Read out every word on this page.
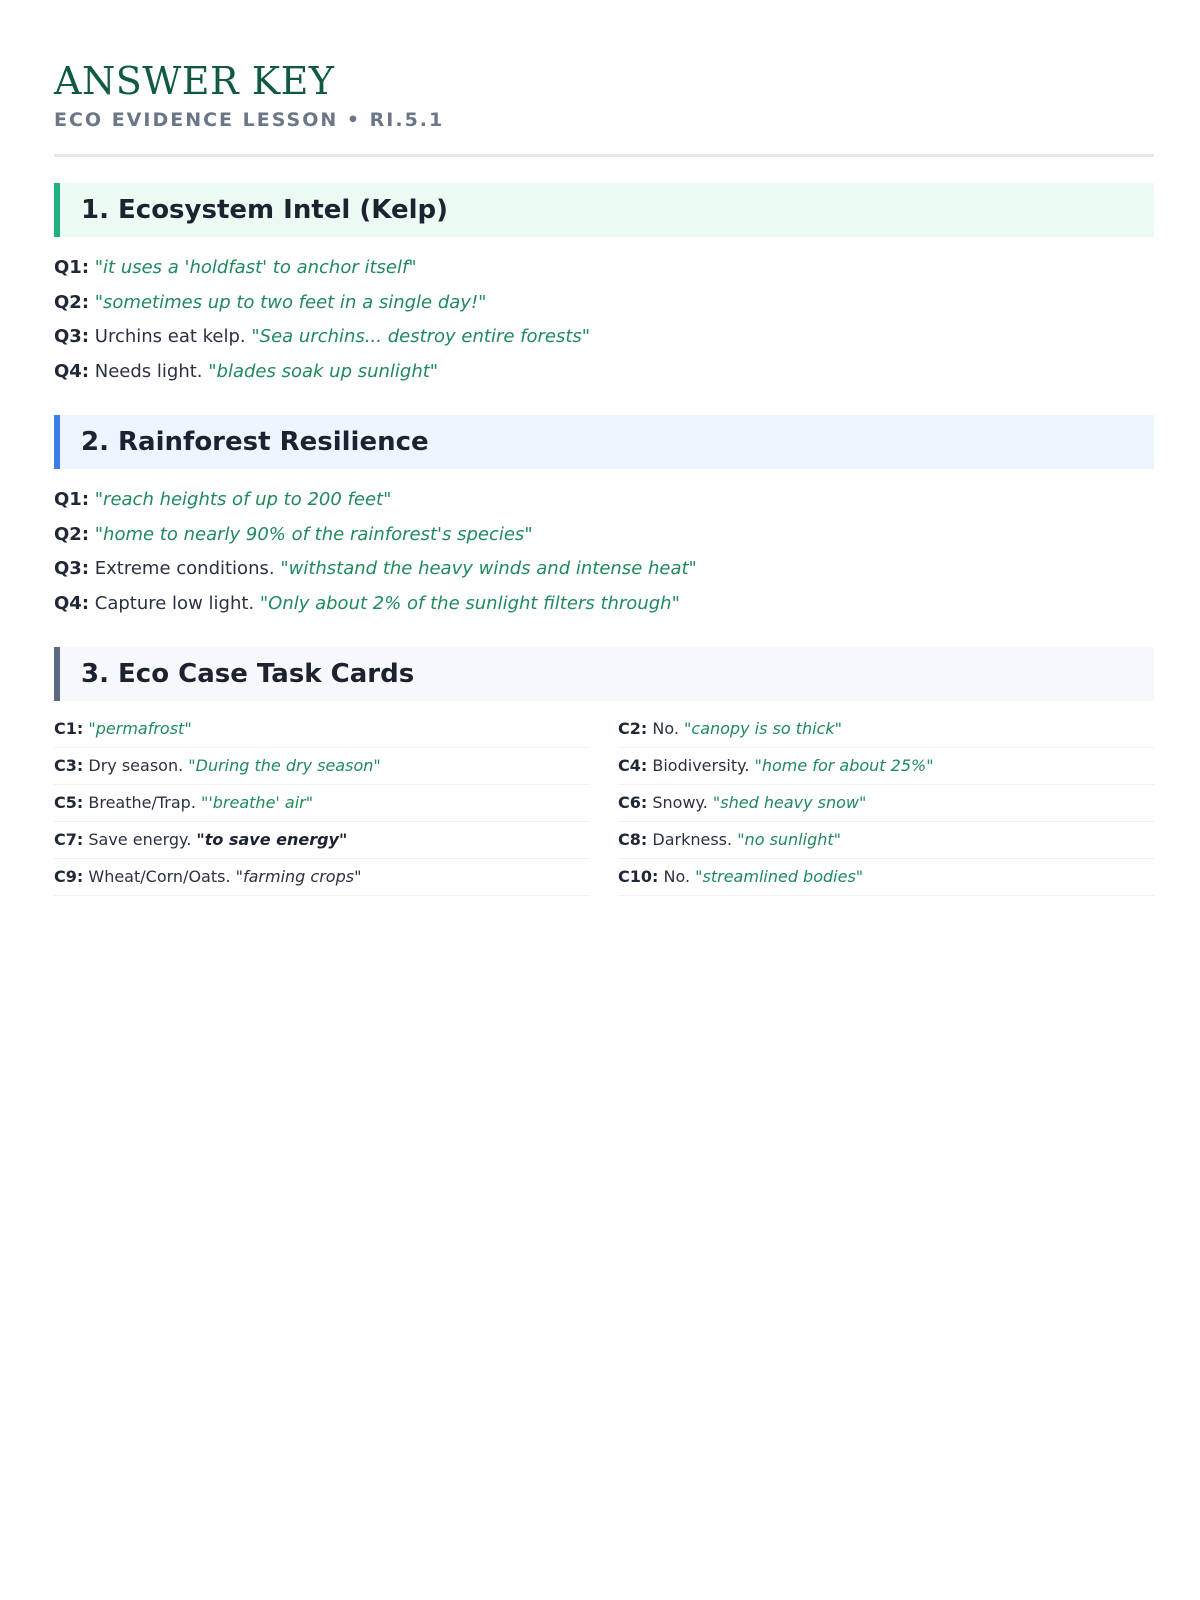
ANSWER KEY
ECO EVIDENCE LESSON • RI.5.1
1. Ecosystem Intel (Kelp)
Q1: "it uses a 'holdfast' to anchor itself"
Q2: "sometimes up to two feet in a single day!"
Q3: Urchins eat kelp. "Sea urchins... destroy entire forests"
Q4: Needs light. "blades soak up sunlight"
2. Rainforest Resilience
Q1: "reach heights of up to 200 feet"
Q2: "home to nearly 90% of the rainforest's species"
Q3: Extreme conditions. "withstand the heavy winds and intense heat"
Q4: Capture low light. "Only about 2% of the sunlight filters through"
3. Eco Case Task Cards
C1: "permafrost"	C2: No. "canopy is so thick"
C3: Dry season. "During the dry season"	C4: Biodiversity. "home for about 25%"
C5: Breathe/Trap. "'breathe' air"	C6: Snowy. "shed heavy snow"
C7: Save energy. "to save energy"	C8: Darkness. "no sunlight"
C9: Wheat/Corn/Oats. "farming crops"	C10: No. "streamlined bodies"
